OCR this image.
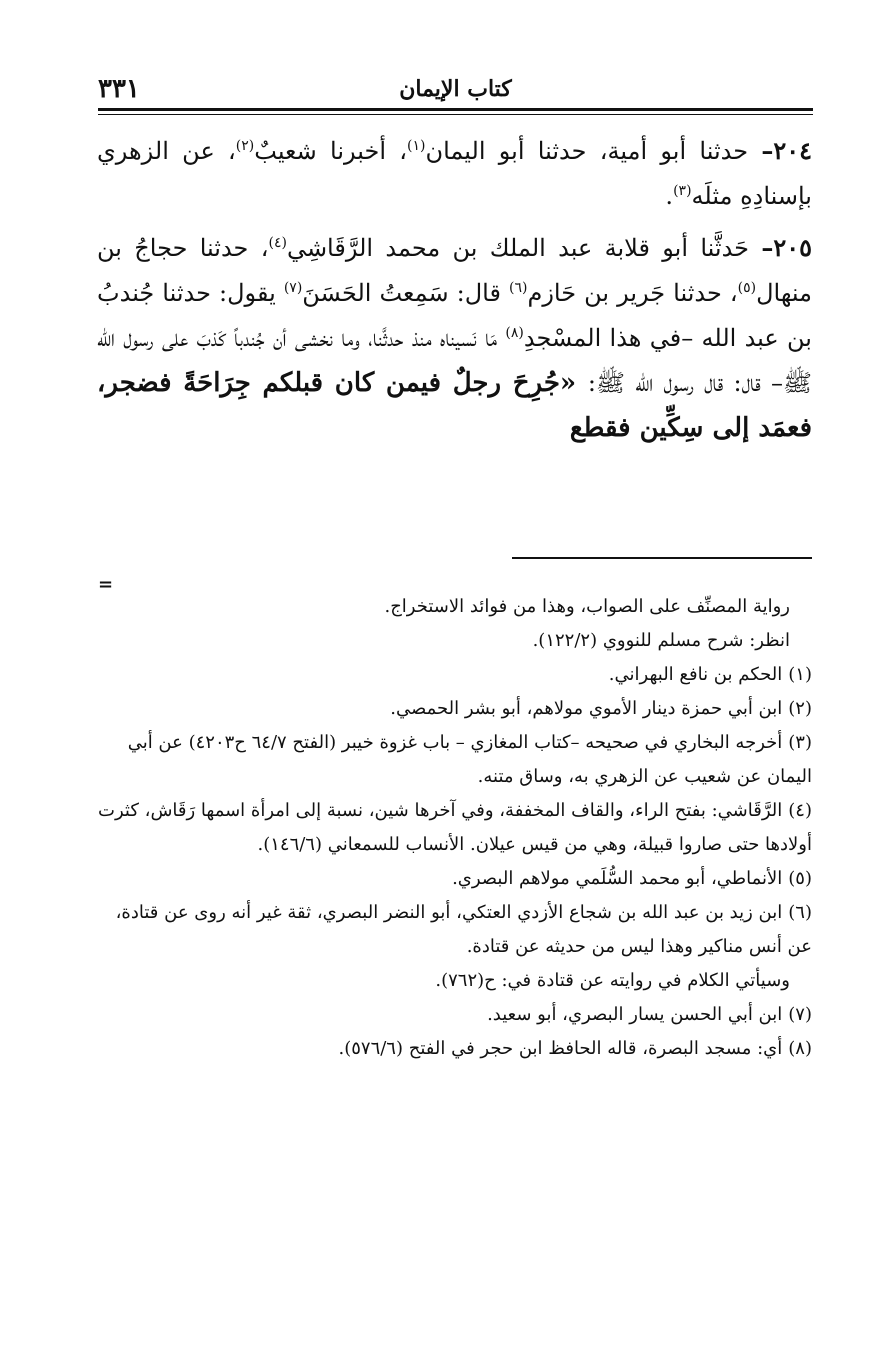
٣٣١	كتاب الإيمان

٢٠٤– حدثنا أبو أمية، حدثنا أبو اليمان$^{(١)}$، أخبرنا شعيبٌ$^{(٢)}$، عن الزهري بإسنادِهِ مثلَه$^{(٣)}$.

٢٠٥– حَدثَّنا أبو قلابة عبد الملك بن محمد الرَّقَاشِي$^{(٤)}$، حدثنا حجاجُ بن منهال$^{(٥)}$، حدثنا جَرير بن حَازم$^{(٦)}$ قال: سَمِعتُ الحَسَنَ$^{(٧)}$ يقول: حدثنا جُندبُ بن عبد الله –في هذا المسْجدِ$^{(٨)}$ مَا نَسيناه منذ حدثَّنا، وما نخشى أن جُندباً كَذبَ على رسول الله ﷺ– قال: قال رسول الله ﷺ: «جُرِحَ رجلٌ فيمن كان قبلكم جِرَاحَةً فضجر، فعمَد إلى سِكِّين فقطع

=

رواية المصنِّف على الصواب، وهذا من فوائد الاستخراج.

انظر: شرح مسلم للنووي (١٢٢/٢).

(١)الحكم بن نافع البهراني.

(٢)ابن أبي حمزة دينار الأموي مولاهم، أبو بشر الحمصي.

(٣)أخرجه البخاري في صحيحه –كتاب المغازي – باب غزوة خيبر (الفتح ٦٤/٧ ح٤٢٠٣) عن أبي اليمان عن شعيب عن الزهري به، وساق متنه.

(٤)الرَّقَاشي: بفتح الراء، والقاف المخففة، وفي آخرها شين، نسبة إلى امرأة اسمها رَقَاش، كثرت أولادها حتى صاروا قبيلة، وهي من قيس عيلان. الأنساب للسمعاني (١٤٦/٦).

(٥)الأنماطي، أبو محمد السُّلَمي مولاهم البصري.

(٦)ابن زيد بن عبد الله بن شجاع الأزدي العتكي، أبو النضر البصري، ثقة غير أنه روى عن قتادة، عن أنس مناكير وهذا ليس من حديثه عن قتادة.

وسيأتي الكلام في روايته عن قتادة في: ح(٧٦٢).

(٧)ابن أبي الحسن يسار البصري، أبو سعيد.

(٨)أي: مسجد البصرة، قاله الحافظ ابن حجر في الفتح (٥٧٦/٦).
